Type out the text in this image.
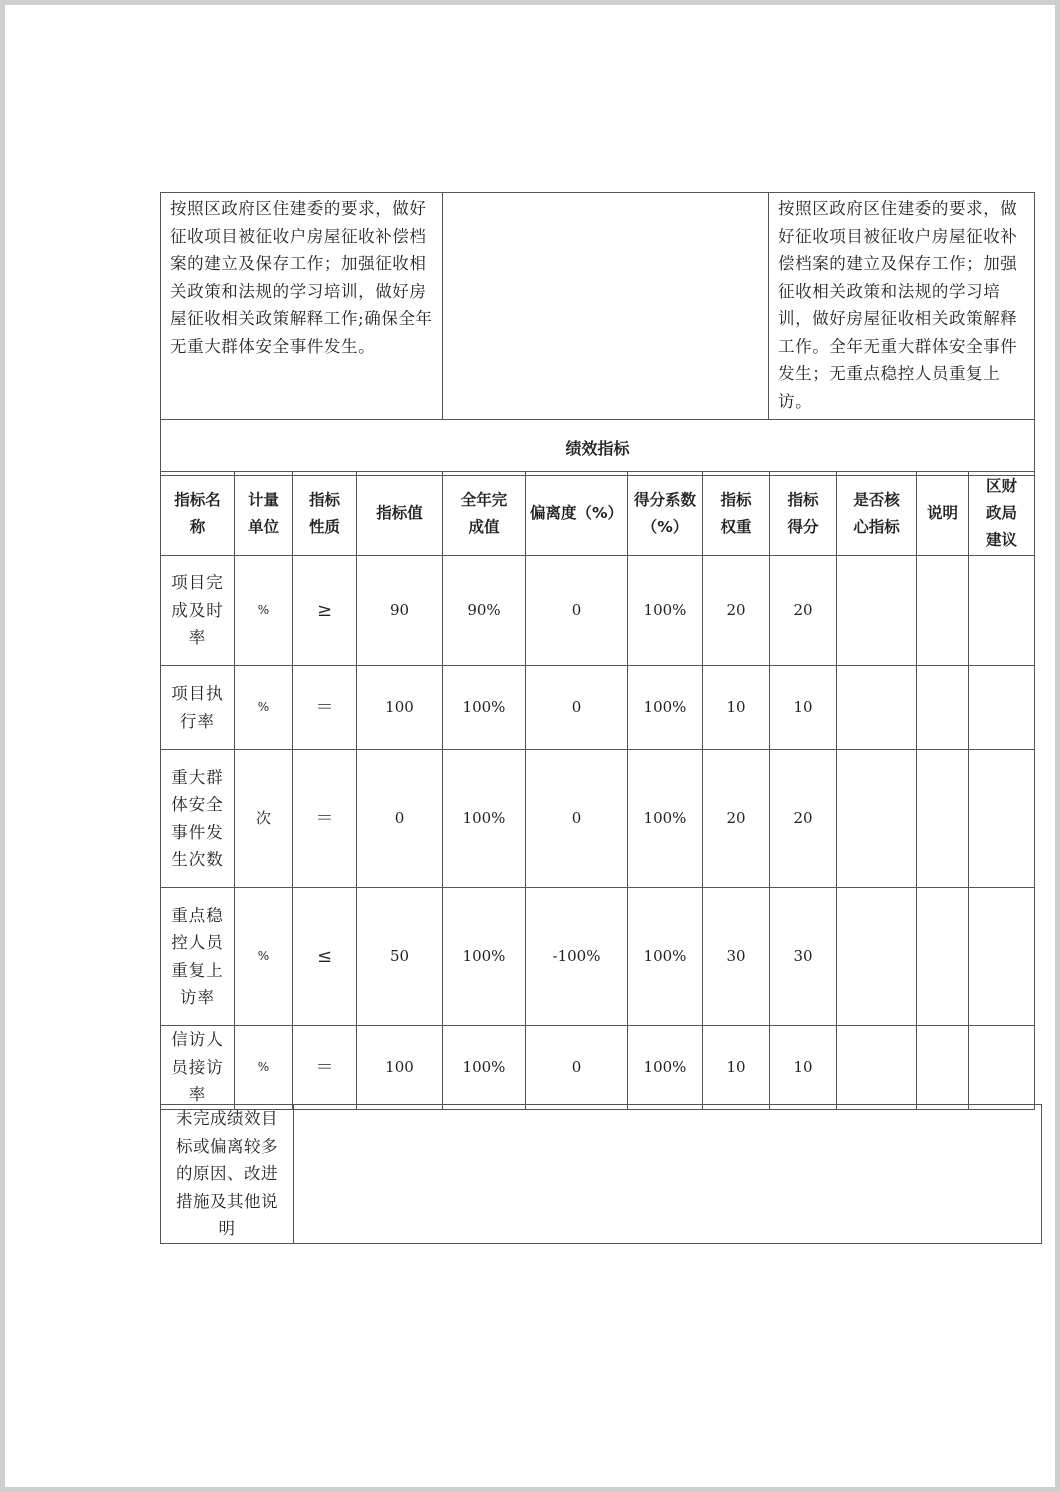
按照区政府区住建委的要求，做好征收项目被征收户房屋征收补偿档案的建立及保存工作；加强征收相关政策和法规的学习培训，做好房屋征收相关政策解释工作;确保全年无重大群体安全事件发生。		按照区政府区住建委的要求，做好征收项目被征收户房屋征收补偿档案的建立及保存工作；加强征收相关政策和法规的学习培训，做好房屋征收相关政策解释工作。全年无重大群体安全事件发生；无重点稳控人员重复上访。
绩效指标
指标名称	计量单位	指标性质	指标值	全年完成值	偏离度（%）	得分系数（%）	指标权重	指标得分	是否核心指标	说明	区财政局建议
项目完成及时率	%	≥	90	90%	0	100%	20	20			
项目执行率	%	＝	100	100%	0	100%	10	10			
重大群体安全事件发生次数	次	＝	0	100%	0	100%	20	20			
重点稳控人员重复上访率	%	≤	50	100%	-100%	100%	30	30			
信访人员接访率	%	＝	100	100%	0	100%	10	10			
未完成绩效目标或偏离较多的原因、改进措施及其他说明	
